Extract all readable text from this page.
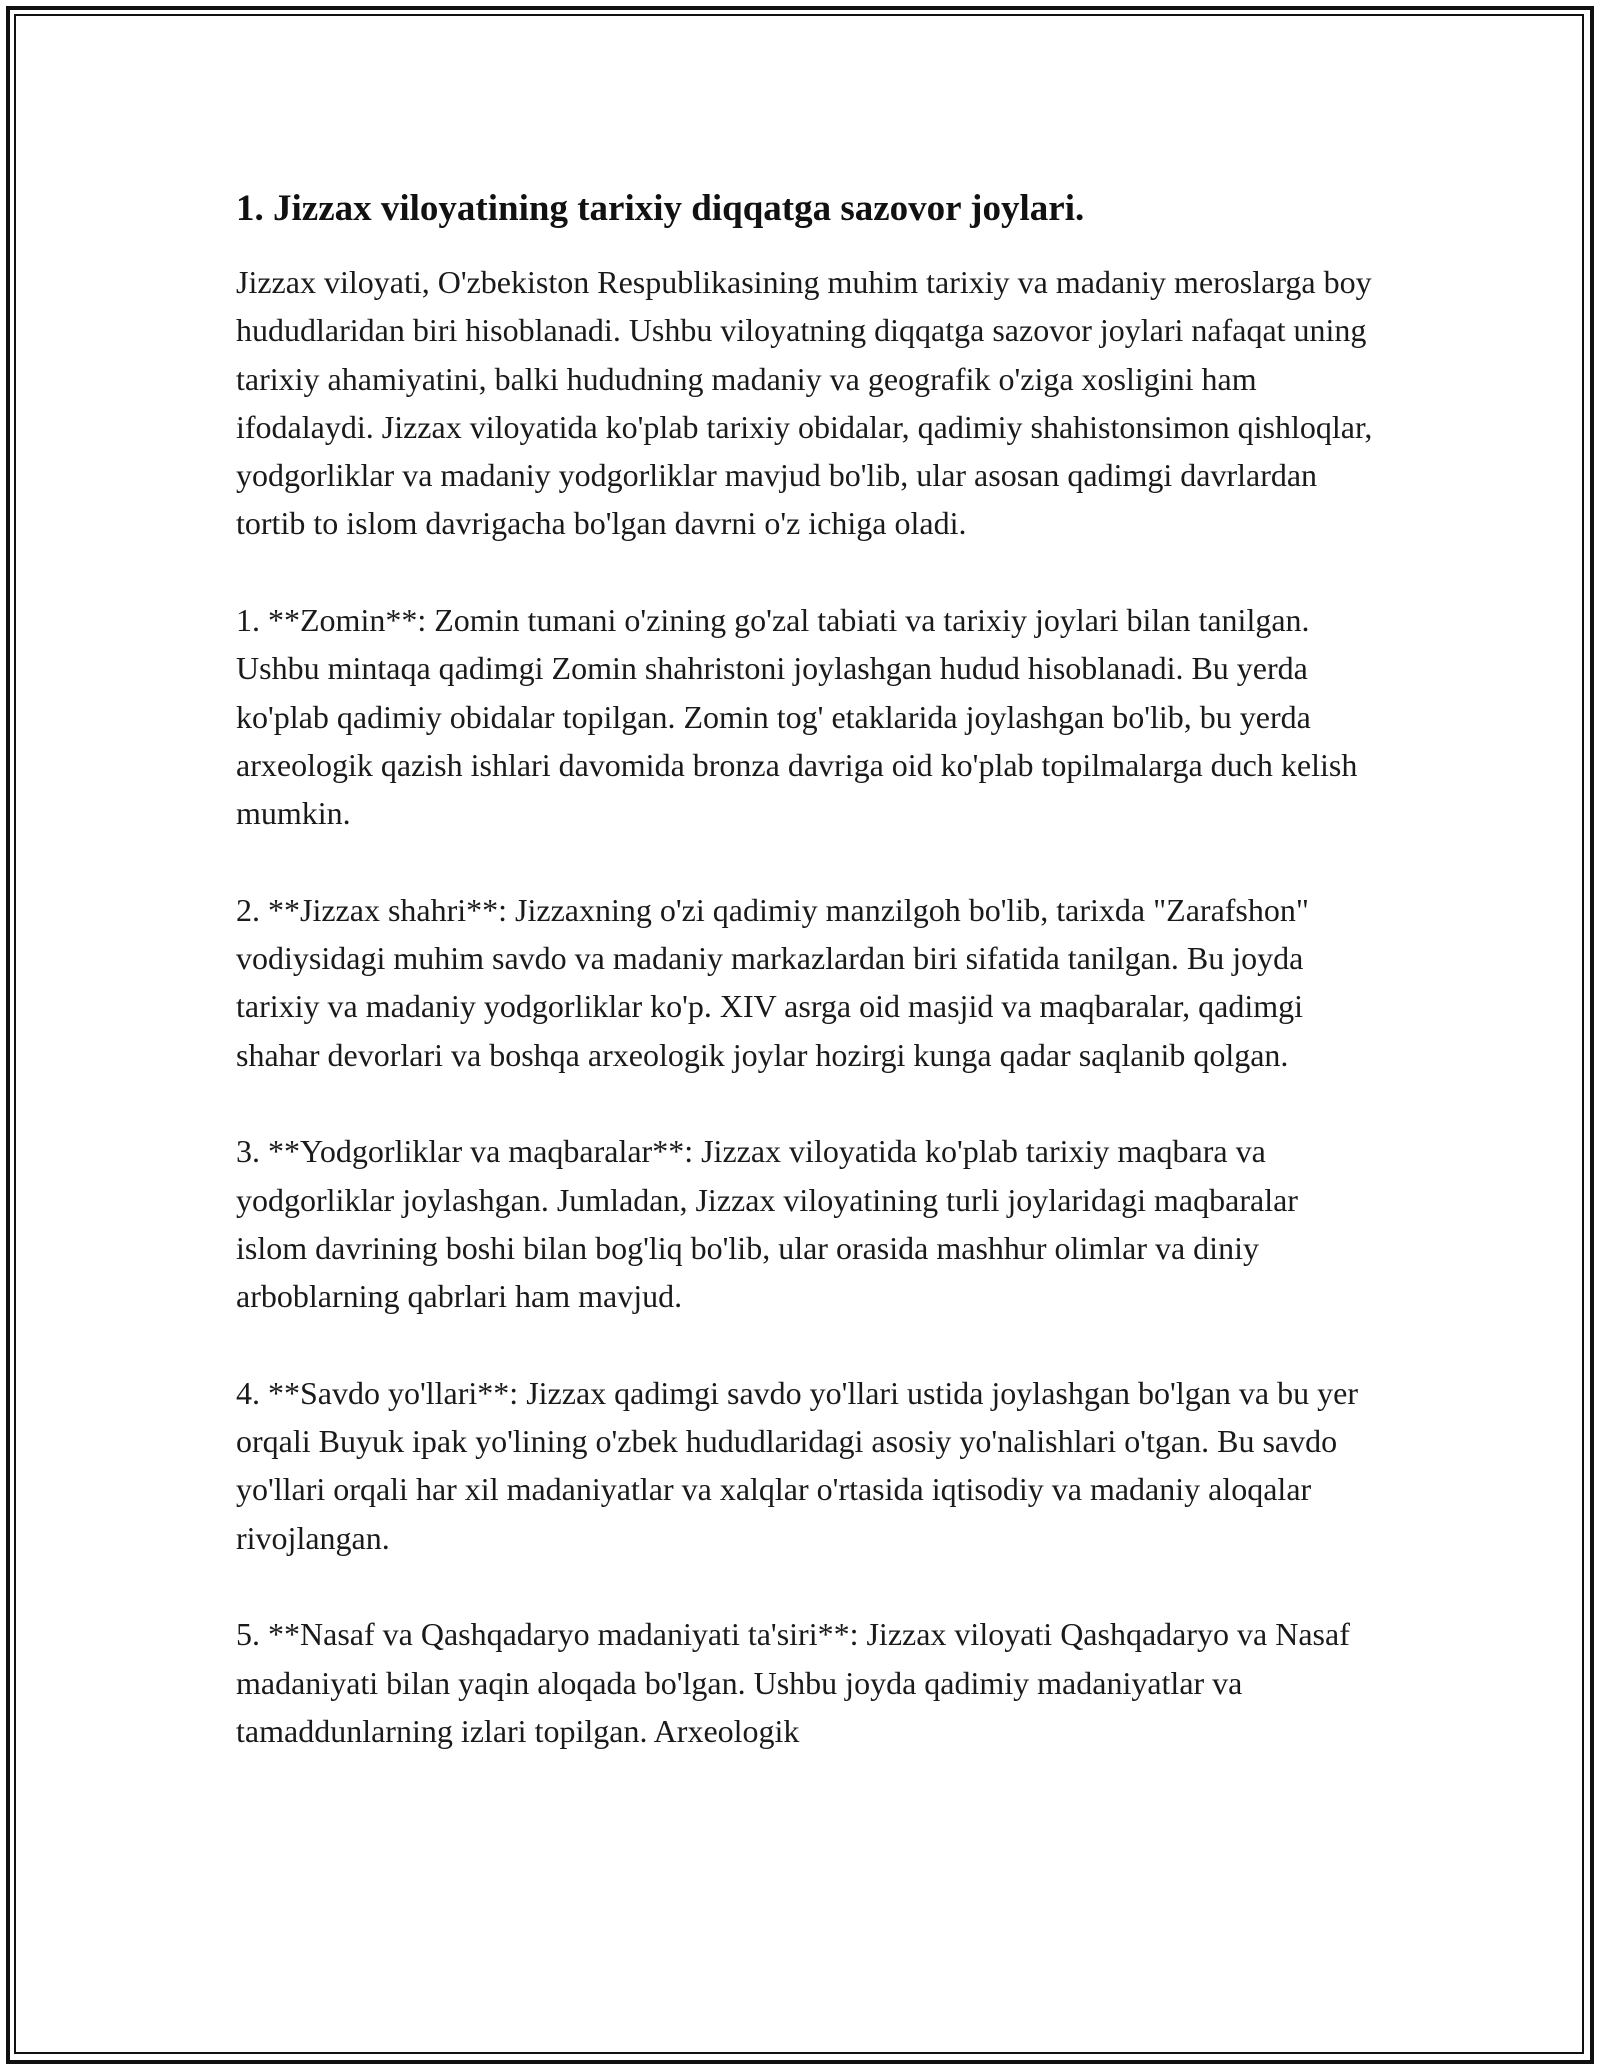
1. Jizzax viloyatining tarixiy diqqatga sazovor joylari.

Jizzax viloyati, O'zbekiston Respublikasining muhim tarixiy va madaniy meroslarga boy hududlaridan biri hisoblanadi. Ushbu viloyatning diqqatga sazovor joylari nafaqat uning tarixiy ahamiyatini, balki hududning madaniy va geografik o'ziga xosligini ham ifodalaydi. Jizzax viloyatida ko'plab tarixiy obidalar, qadimiy shahistonsimon qishloqlar, yodgorliklar va madaniy yodgorliklar mavjud bo'lib, ular asosan qadimgi davrlardan tortib to islom davrigacha bo'lgan davrni o'z ichiga oladi.

1. **Zomin**: Zomin tumani o'zining go'zal tabiati va tarixiy joylari bilan tanilgan. Ushbu mintaqa qadimgi Zomin shahristoni joylashgan hudud hisoblanadi. Bu yerda ko'plab qadimiy obidalar topilgan. Zomin tog' etaklarida joylashgan bo'lib, bu yerda arxeologik qazish ishlari davomida bronza davriga oid ko'plab topilmalarga duch kelish mumkin.

2. **Jizzax shahri**: Jizzaxning o'zi qadimiy manzilgoh bo'lib, tarixda "Zarafshon" vodiysidagi muhim savdo va madaniy markazlardan biri sifatida tanilgan. Bu joyda tarixiy va madaniy yodgorliklar ko'p. XIV asrga oid masjid va maqbaralar, qadimgi shahar devorlari va boshqa arxeologik joylar hozirgi kunga qadar saqlanib qolgan.

3. **Yodgorliklar va maqbaralar**: Jizzax viloyatida ko'plab tarixiy maqbara va yodgorliklar joylashgan. Jumladan, Jizzax viloyatining turli joylaridagi maqbaralar islom davrining boshi bilan bog'liq bo'lib, ular orasida mashhur olimlar va diniy arboblarning qabrlari ham mavjud.

4. **Savdo yo'llari**: Jizzax qadimgi savdo yo'llari ustida joylashgan bo'lgan va bu yer orqali Buyuk ipak yo'lining o'zbek hududlaridagi asosiy yo'nalishlari o'tgan. Bu savdo yo'llari orqali har xil madaniyatlar va xalqlar o'rtasida iqtisodiy va madaniy aloqalar rivojlangan.

5. **Nasaf va Qashqadaryo madaniyati ta'siri**: Jizzax viloyati Qashqadaryo va Nasaf madaniyati bilan yaqin aloqada bo'lgan. Ushbu joyda qadimiy madaniyatlar va tamaddunlarning izlari topilgan. Arxeologik
